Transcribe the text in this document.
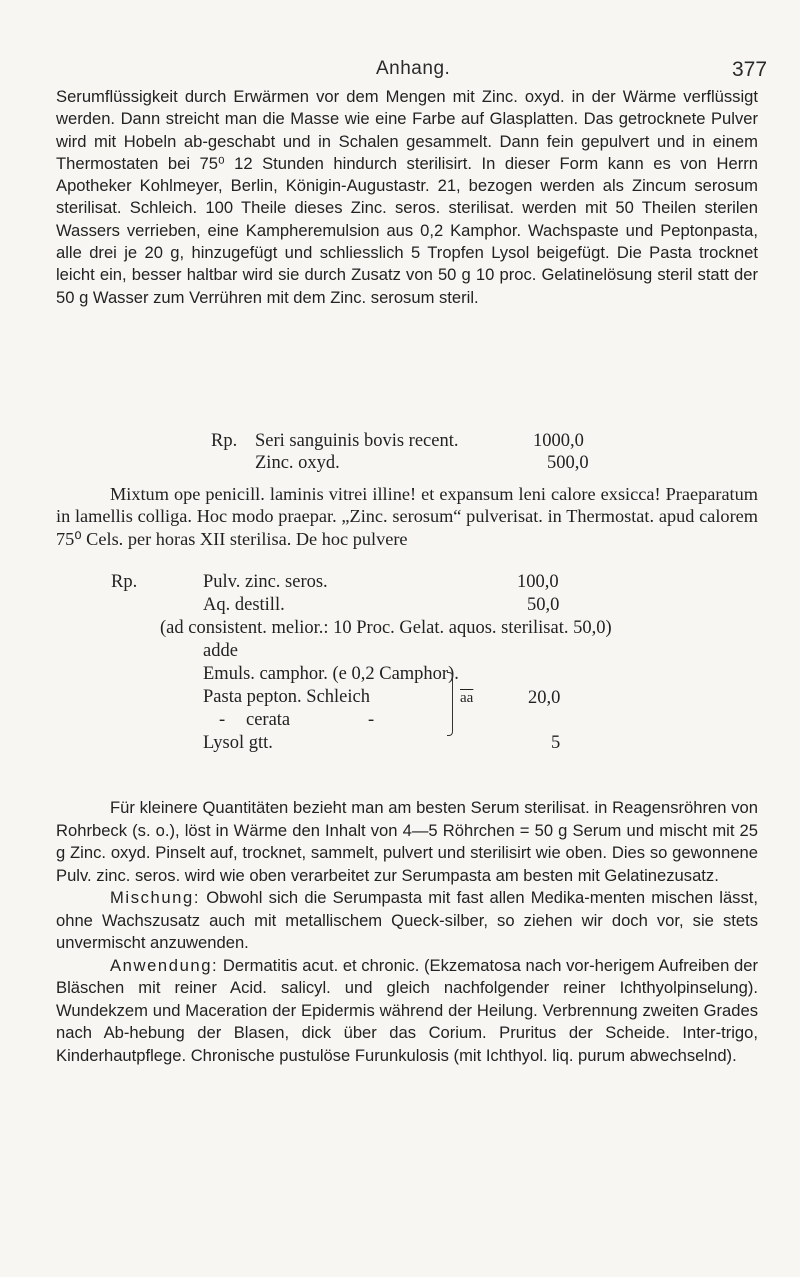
Anhang.	377
Serumflüssigkeit durch Erwärmen vor dem Mengen mit Zinc. oxyd. in der Wärme verflüssigt werden. Dann streicht man die Masse wie eine Farbe auf Glasplatten. Das getrocknete Pulver wird mit Hobeln ab-geschabt und in Schalen gesammelt. Dann fein gepulvert und in einem Thermostaten bei 75⁰ 12 Stunden hindurch sterilisirt. In dieser Form kann es von Herrn Apotheker Kohlmeyer, Berlin, Königin-Augustastr. 21, bezogen werden als Zincum serosum sterilisat. Schleich. 100 Theile dieses Zinc. seros. sterilisat. werden mit 50 Theilen sterilen Wassers verrieben, eine Kampheremulsion aus 0,2 Kamphor. Wachspaste und Peptonpasta, alle drei je 20 g, hinzugefügt und schliesslich 5 Tropfen Lysol beigefügt. Die Pasta trocknet leicht ein, besser haltbar wird sie durch Zusatz von 50 g 10 proc. Gelatinelösung steril statt der 50 g Wasser zum Verrühren mit dem Zinc. serosum steril.
Rp. Seri sanguinis bovis recent.	1000,0
Zinc. oxyd.	500,0
Mixtum ope penicill. laminis vitrei illine! et expansum leni calore exsicca! Praeparatum in lamellis colliga. Hoc modo praepar. „Zinc. serosum“ pulverisat. in Thermostat. apud calorem 75⁰ Cels. per horas XII sterilisa. De hoc pulvere
Rp.	Pulv. zinc. seros.	100,0
Aq. destill.	50,0
(ad consistent. melior.: 10 Proc. Gelat. aquos. sterilisat. 50,0)
adde
Emuls. camphor. (e 0,2 Camphor).
Pasta pepton. Schleich
- cerata	-
$\overline{aa}$	20,0
Lysol gtt.	5
Für kleinere Quantitäten bezieht man am besten Serum sterilisat. in Reagensröhren von Rohrbeck (s. o.), löst in Wärme den Inhalt von 4—5 Röhrchen = 50 g Serum und mischt mit 25 g Zinc. oxyd. Pinselt auf, trocknet, sammelt, pulvert und sterilisirt wie oben. Dies so gewonnene Pulv. zinc. seros. wird wie oben verarbeitet zur Serumpasta am besten mit Gelatinezusatz.
Mischung: Obwohl sich die Serumpasta mit fast allen Medika-menten mischen lässt, ohne Wachszusatz auch mit metallischem Queck-silber, so ziehen wir doch vor, sie stets unvermischt anzuwenden.
Anwendung: Dermatitis acut. et chronic. (Ekzematosa nach vor-herigem Aufreiben der Bläschen mit reiner Acid. salicyl. und gleich nachfolgender reiner Ichthyolpinselung). Wundekzem und Maceration der Epidermis während der Heilung. Verbrennung zweiten Grades nach Ab-hebung der Blasen, dick über das Corium. Pruritus der Scheide. Inter-trigo, Kinderhautpflege. Chronische pustulöse Furunkulosis (mit Ichthyol. liq. purum abwechselnd).
